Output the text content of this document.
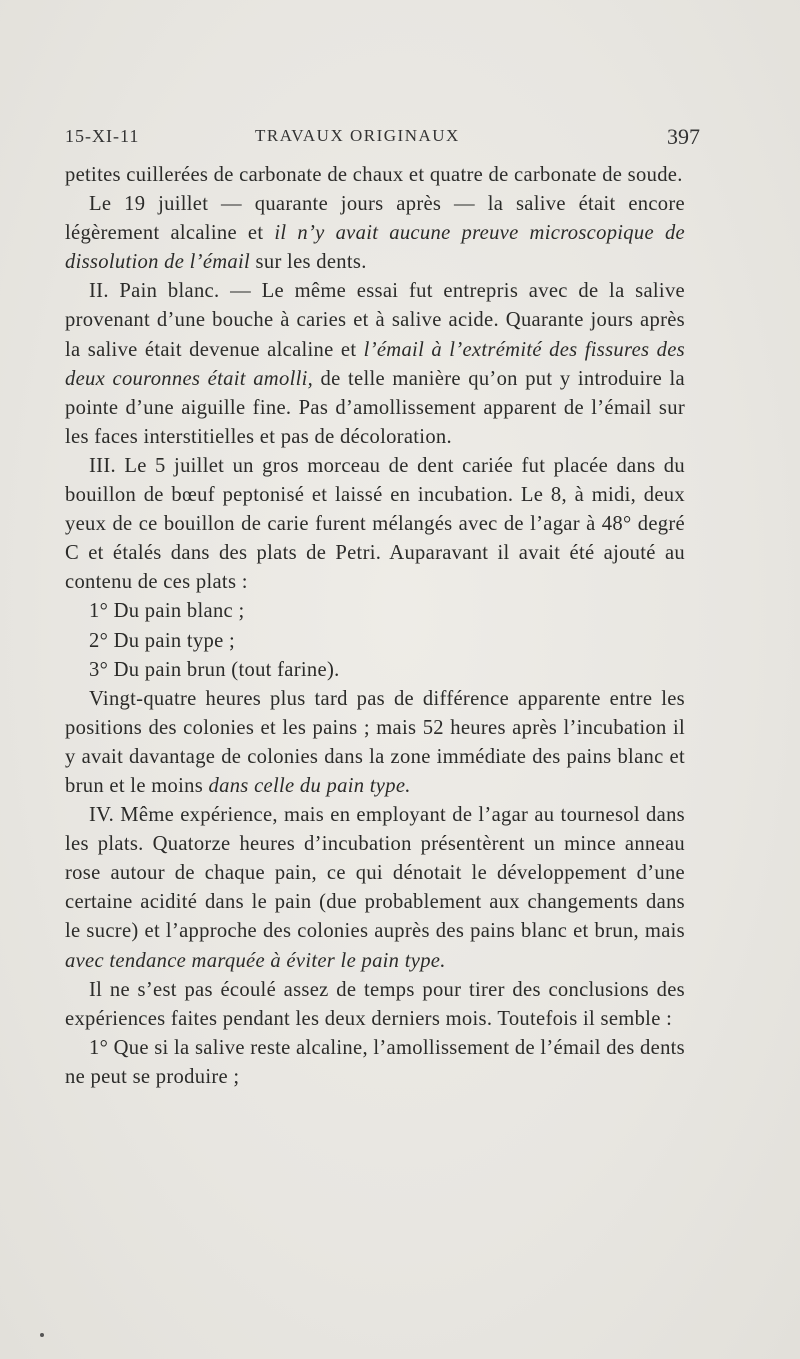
15-XI-11	TRAVAUX ORIGINAUX	397

petites cuillerées de carbonate de chaux et quatre de carbonate de soude.

Le 19 juillet — quarante jours après — la salive était encore légèrement alcaline et il n’y avait aucune preuve microscopique de dissolution de l’émail sur les dents.

II. Pain blanc. — Le même essai fut entrepris avec de la salive provenant d’une bouche à caries et à salive acide. Quarante jours après la salive était devenue alcaline et l’émail à l’extrémité des fissures des deux couronnes était amolli, de telle manière qu’on put y introduire la pointe d’une aiguille fine. Pas d’amollissement apparent de l’émail sur les faces interstitielles et pas de décoloration.

III. Le 5 juillet un gros morceau de dent cariée fut placée dans du bouillon de bœuf peptonisé et laissé en incubation. Le 8, à midi, deux yeux de ce bouillon de carie furent mélangés avec de l’agar à 48° degré C et étalés dans des plats de Petri. Auparavant il avait été ajouté au contenu de ces plats :

1° Du pain blanc ;

2° Du pain type ;

3° Du pain brun (tout farine).

Vingt-quatre heures plus tard pas de différence apparente entre les positions des colonies et les pains ; mais 52 heures après l’incubation il y avait davantage de colonies dans la zone immédiate des pains blanc et brun et le moins dans celle du pain type.

IV. Même expérience, mais en employant de l’agar au tournesol dans les plats. Quatorze heures d’incubation présentèrent un mince anneau rose autour de chaque pain, ce qui dénotait le développement d’une certaine acidité dans le pain (due probablement aux changements dans le sucre) et l’approche des colonies auprès des pains blanc et brun, mais avec tendance marquée à éviter le pain type.

Il ne s’est pas écoulé assez de temps pour tirer des conclusions des expériences faites pendant les deux derniers mois. Toutefois il semble :

1° Que si la salive reste alcaline, l’amollissement de l’émail des dents ne peut se produire ;
